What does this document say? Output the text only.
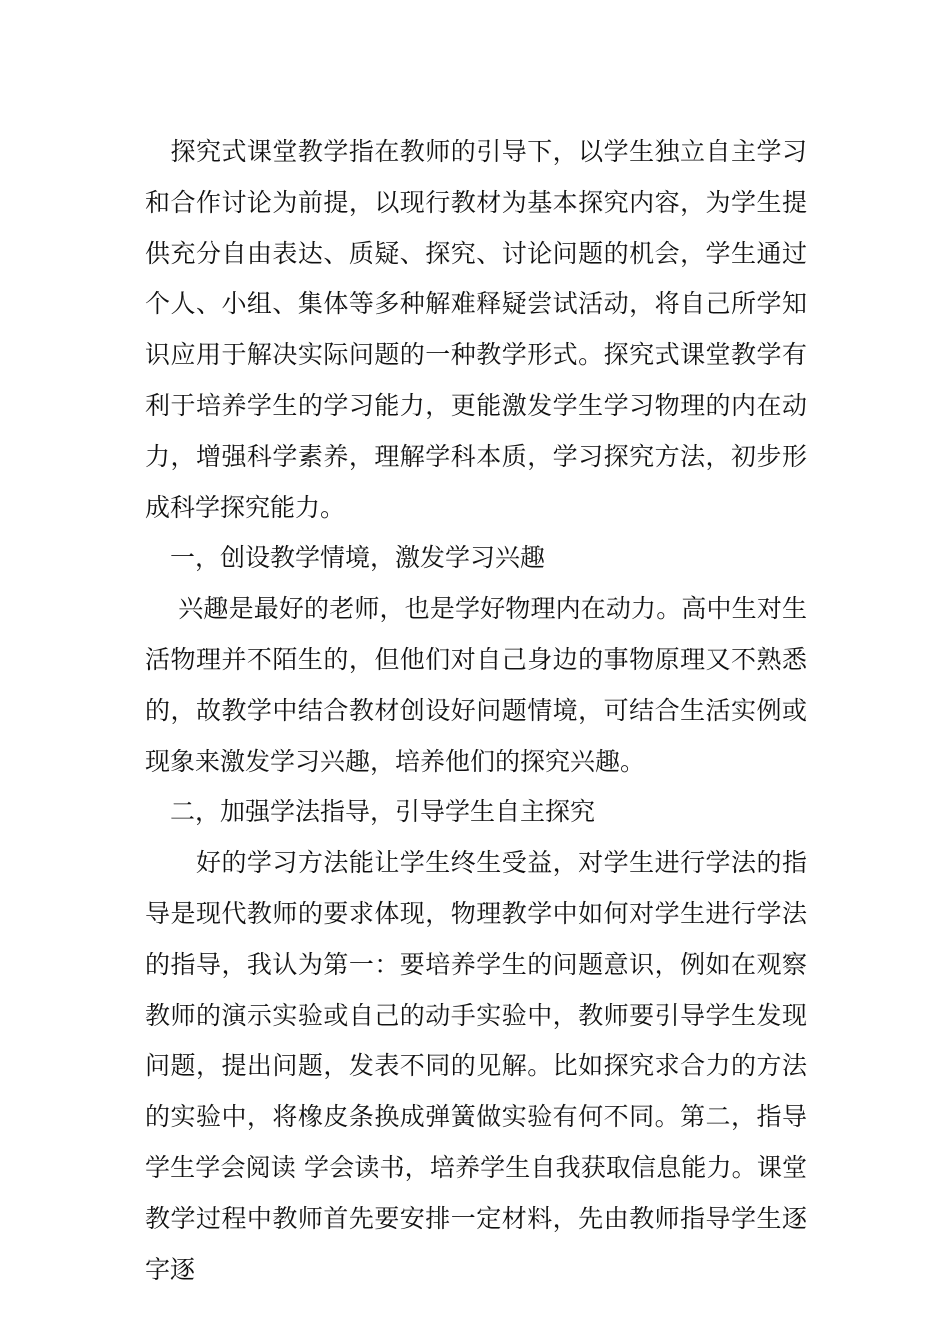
　探究式课堂教学指在教师的引导下，以学生独立自主学习和合作讨论为前提，以现行教材为基本探究内容，为学生提供充分自由表达、质疑、探究、讨论问题的机会，学生通过个人、小组、集体等多种解难释疑尝试活动，将自己所学知识应用于解决实际问题的一种教学形式。探究式课堂教学有利于培养学生的学习能力，更能激发学生学习物理的内在动力，增强科学素养，理解学科本质，学习探究方法，初步形成科学探究能力。

　一，创设教学情境，激发学习兴趣

　 兴趣是最好的老师，也是学好物理内在动力。高中生对生活物理并不陌生的，但他们对自己身边的事物原理又不熟悉的，故教学中结合教材创设好问题情境，可结合生活实例或现象来激发学习兴趣，培养他们的探究兴趣。

　二，加强学法指导，引导学生自主探究

　　好的学习方法能让学生终生受益，对学生进行学法的指导是现代教师的要求体现，物理教学中如何对学生进行学法的指导，我认为第一：要培养学生的问题意识，例如在观察教师的演示实验或自己的动手实验中，教师要引导学生发现问题，提出问题，发表不同的见解。比如探究求合力的方法的实验中，将橡皮条换成弹簧做实验有何不同。第二，指导学生学会阅读 学会读书，培养学生自我获取信息能力。课堂教学过程中教师首先要安排一定材料，先由教师指导学生逐字逐
